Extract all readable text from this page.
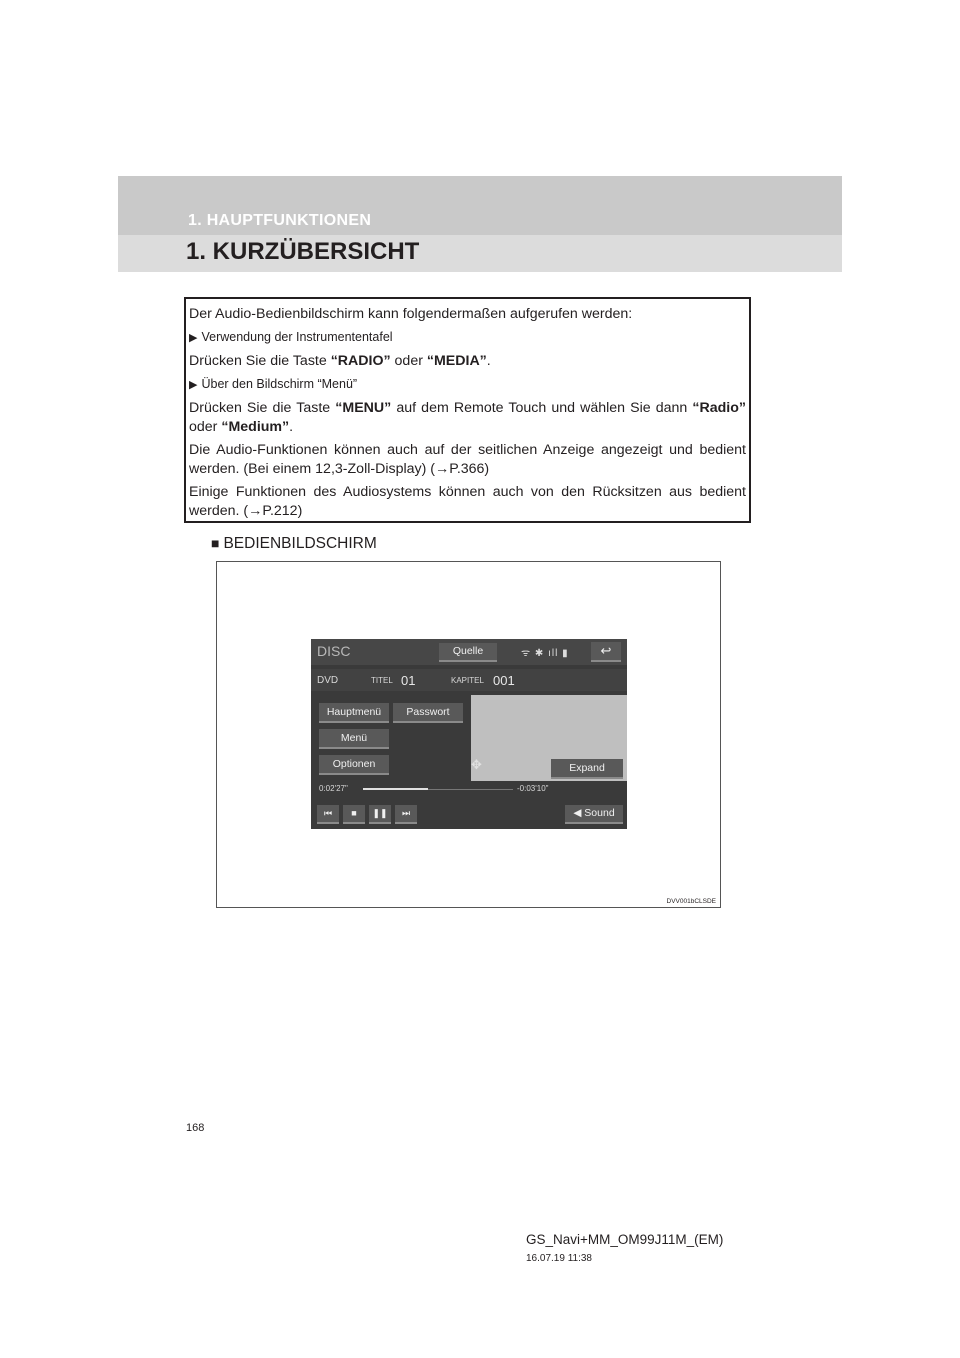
1. HAUPTFUNKTIONEN
1. KURZÜBERSICHT

Der Audio-Bedienbildschirm kann folgendermaßen aufgerufen werden:

▶ Verwendung der Instrumententafel

Drücken Sie die Taste “RADIO” oder “MEDIA”.

▶ Über den Bildschirm “Menü”

Drücken Sie die Taste “MENU” auf dem Remote Touch und wählen Sie dann “Radio” oder “Medium”.

Die Audio-Funktionen können auch auf der seitlichen Anzeige angezeigt und bedient werden. (Bei einem 12,3-Zoll-Display) (→P.366)

Einige Funktionen des Audiosystems können auch von den Rücksitzen aus bedient werden. (→P.212)

■ BEDIENBILDSCHIRM
DISC	Quelle	ᯤ ✱ ıll ▮	↩
DVD	TITEL 01	KAPITEL 001
Hauptmenü	Passwort
Menü
Optionen	✥	Expand
0:02'27"	-0:03'10"
⏮	■	❚❚	⏭	◀ Sound
DVV001bCLSDE
168
GS_Navi+MM_OM99J11M_(EM)
16.07.19 11:38
